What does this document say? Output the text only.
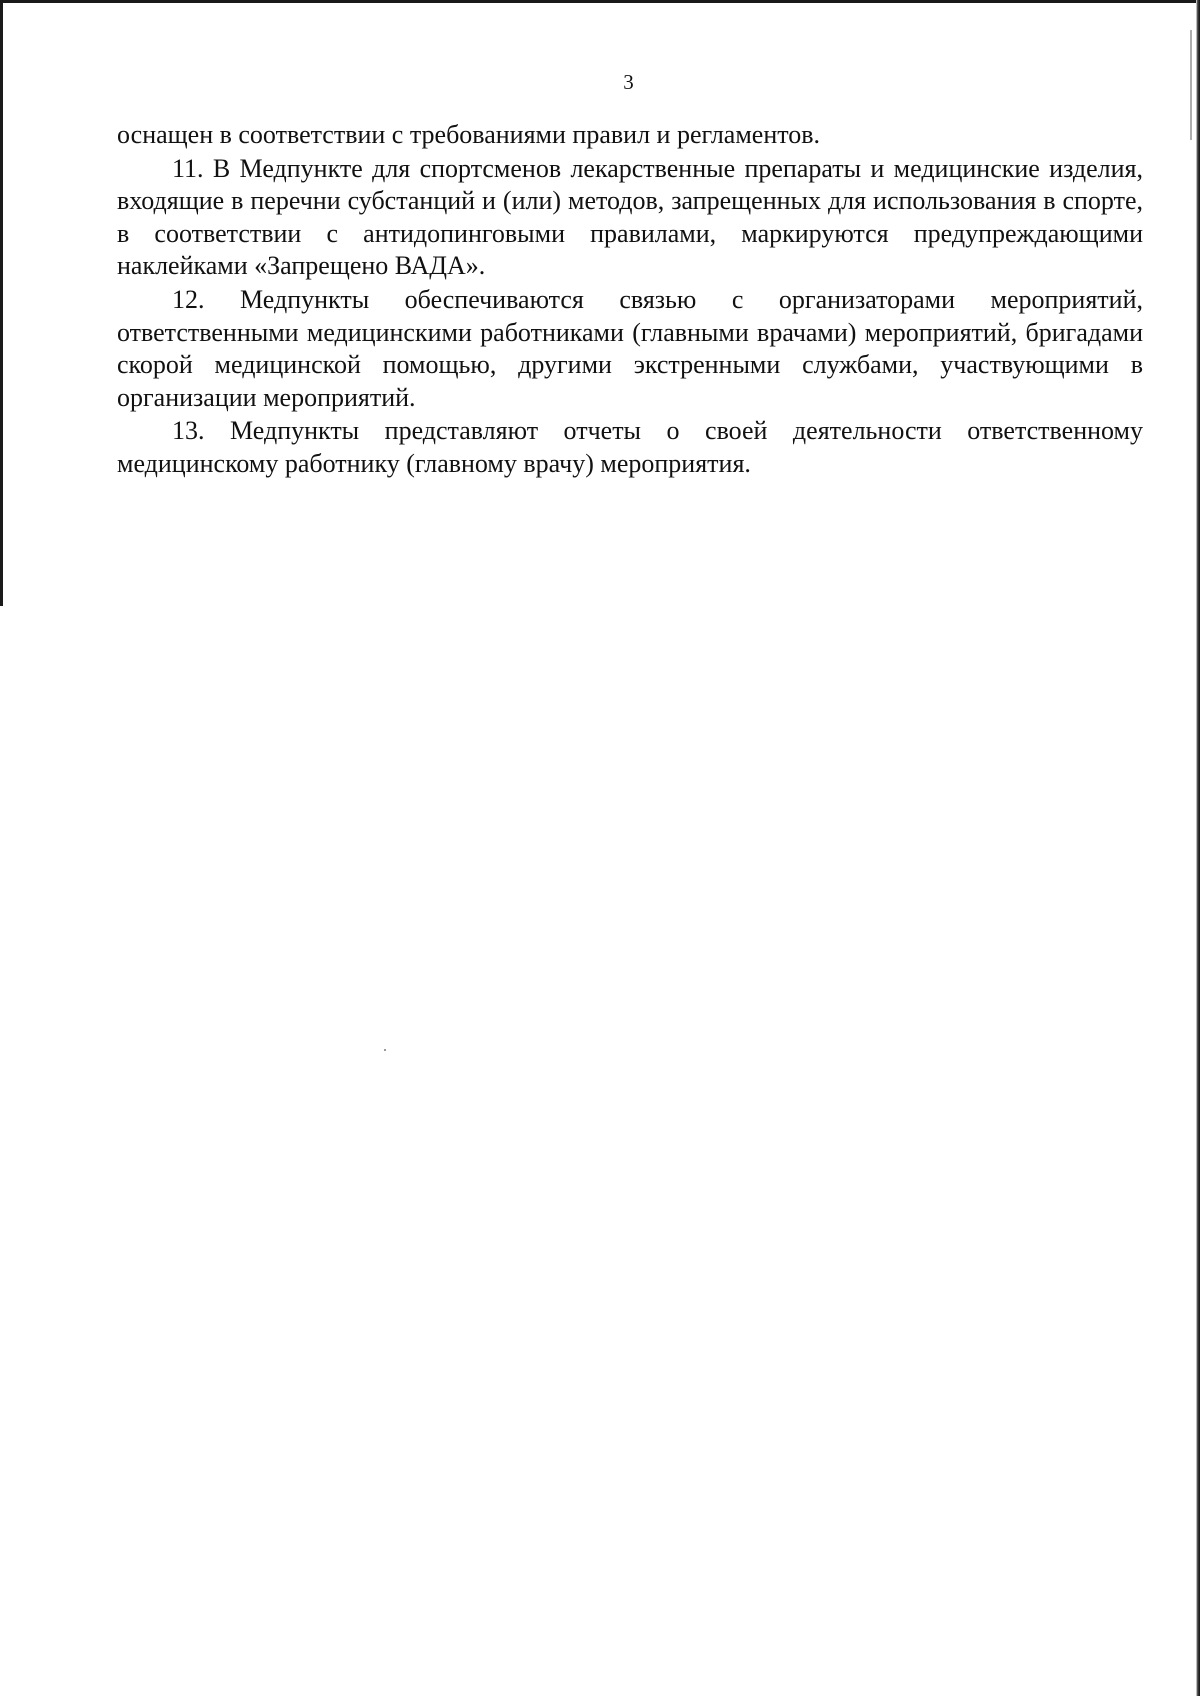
3

оснащен в соответствии с требованиями правил и регламентов.

11. В Медпункте для спортсменов лекарственные препараты и медицинские изделия, входящие в перечни субстанций и (или) методов, запрещенных для использования в спорте, в соответствии с антидопинговыми правилами, маркируются предупреждающими наклейками «Запрещено ВАДА».

12. Медпункты обеспечиваются связью с организаторами мероприятий, ответственными медицинскими работниками (главными врачами) мероприятий, бригадами скорой медицинской помощью, другими экстренными службами, участвующими в организации мероприятий.

13. Медпункты представляют отчеты о своей деятельности ответственному медицинскому работнику (главному врачу) мероприятия.
